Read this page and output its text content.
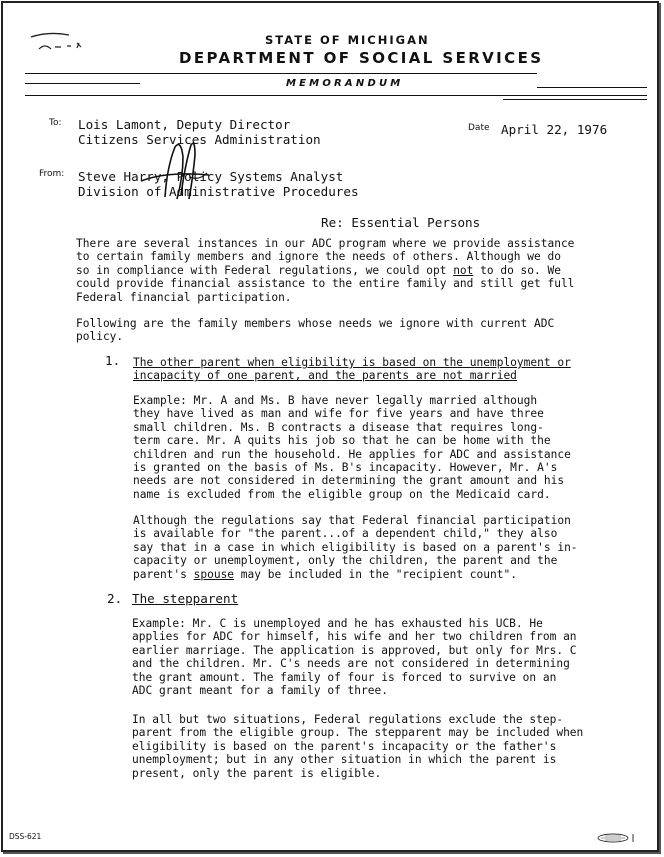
STATE OF MICHIGAN
DEPARTMENT OF SOCIAL SERVICES
MEMORANDUM
To: Lois Lamont, Deputy Director
Citizens Services Administration
Date April 22, 1976
From: Steve Harry, Policy Systems Analyst
Division of Administrative Procedures
Re: Essential Persons
There are several instances in our ADC program where we provide assistance
to certain family members and ignore the needs of others. Although we do
so in compliance with Federal regulations, we could opt not to do so. We
could provide financial assistance to the entire family and still get full
Federal financial participation.
Following are the family members whose needs we ignore with current ADC
policy.
1. The other parent when eligibility is based on the unemployment or
incapacity of one parent, and the parents are not married
Example: Mr. A and Ms. B have never legally married although
they have lived as man and wife for five years and have three
small children. Ms. B contracts a disease that requires long-
term care. Mr. A quits his job so that he can be home with the
children and run the household. He applies for ADC and assistance
is granted on the basis of Ms. B's incapacity. However, Mr. A's
needs are not considered in determining the grant amount and his
name is excluded from the eligible group on the Medicaid card.
Although the regulations say that Federal financial participation
is available for "the parent...of a dependent child," they also
say that in a case in which eligibility is based on a parent's in-
capacity or unemployment, only the children, the parent and the
parent's spouse may be included in the "recipient count".
2. The stepparent
Example: Mr. C is unemployed and he has exhausted his UCB. He
applies for ADC for himself, his wife and her two children from an
earlier marriage. The application is approved, but only for Mrs. C
and the children. Mr. C's needs are not considered in determining
the grant amount. The family of four is forced to survive on an
ADC grant meant for a family of three.
In all but two situations, Federal regulations exclude the step-
parent from the eligible group. The stepparent may be included when
eligibility is based on the parent's incapacity or the father's
unemployment; but in any other situation in which the parent is
present, only the parent is eligible.
DSS-621
